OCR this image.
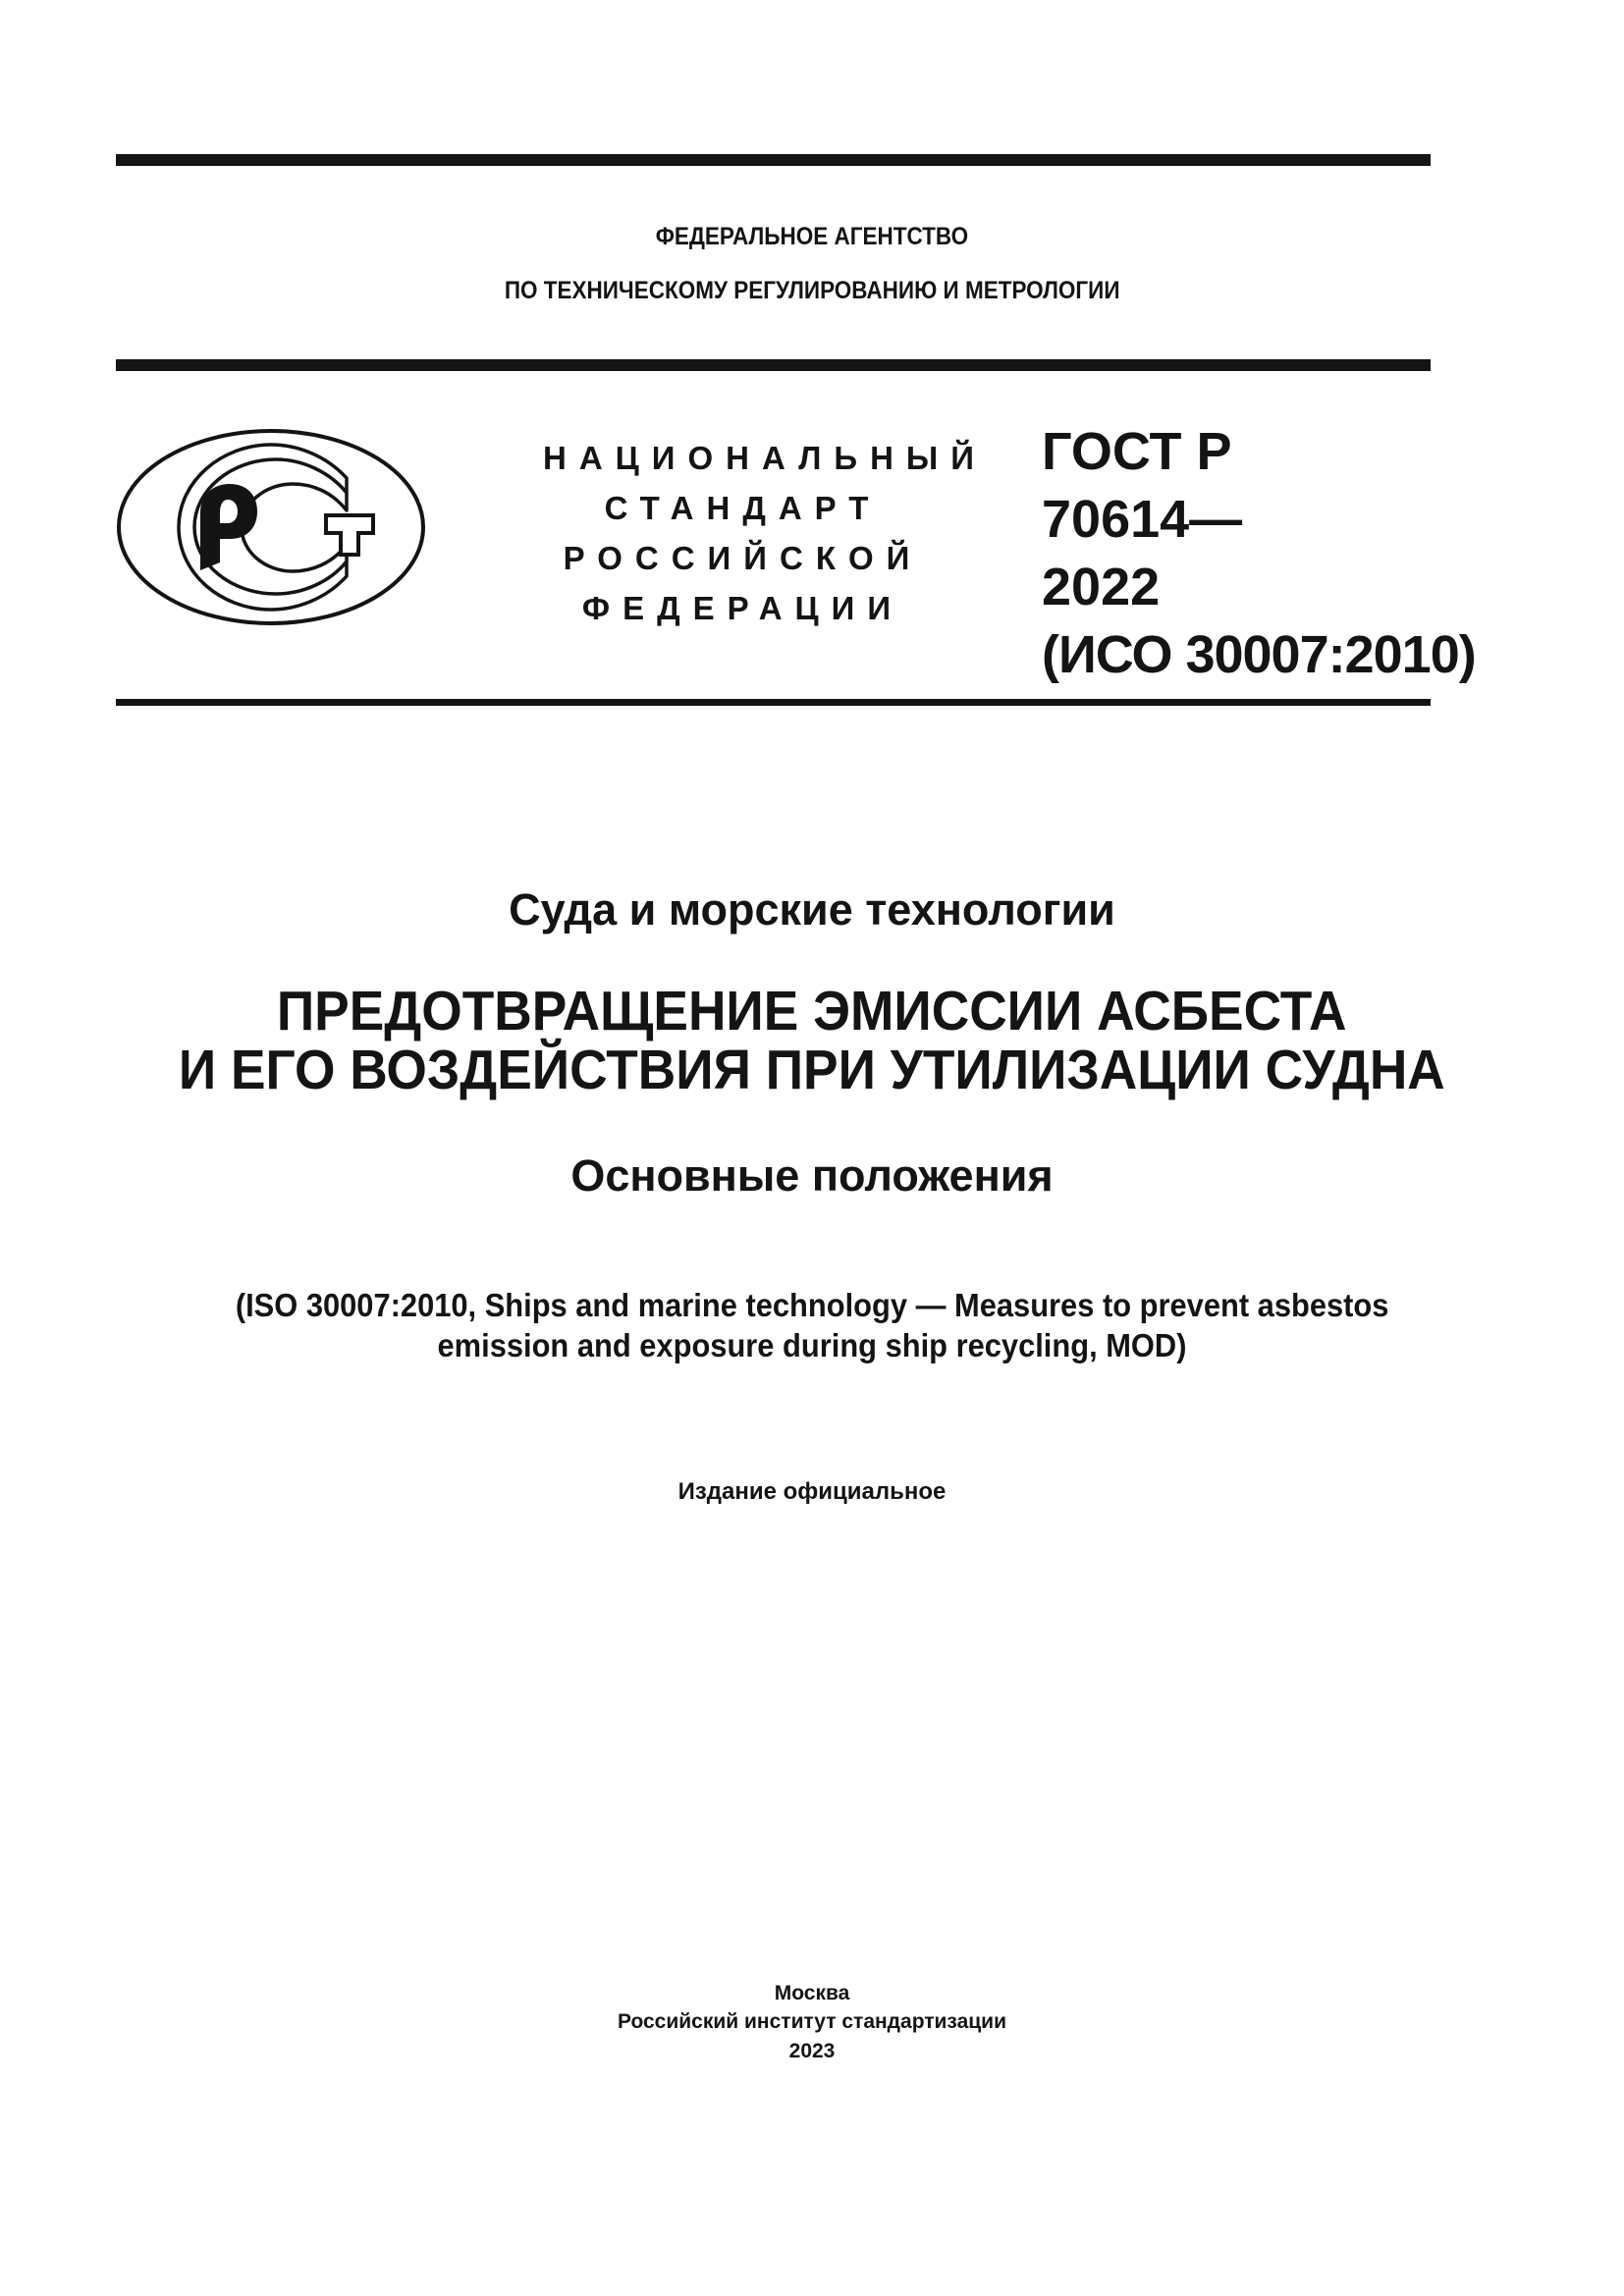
ФЕДЕРАЛЬНОЕ АГЕНТСТВО
ПО ТЕХНИЧЕСКОМУ РЕГУЛИРОВАНИЮ И МЕТРОЛОГИИ
НАЦИОНАЛЬНЫЙ
СТАНДАРТ
РОССИЙСКОЙ
ФЕДЕРАЦИИ
ГОСТ Р
70614—
2022
(ИСО 30007:2010)
Суда и морские технологии
ПРЕДОТВРАЩЕНИЕ ЭМИССИИ АСБЕСТА
И ЕГО ВОЗДЕЙСТВИЯ ПРИ УТИЛИЗАЦИИ СУДНА
Основные положения
(ISO 30007:2010, Ships and marine technology — Measures to prevent asbestos
emission and exposure during ship recycling, MOD)
Издание официальное
Москва
Российский институт стандартизации
2023
